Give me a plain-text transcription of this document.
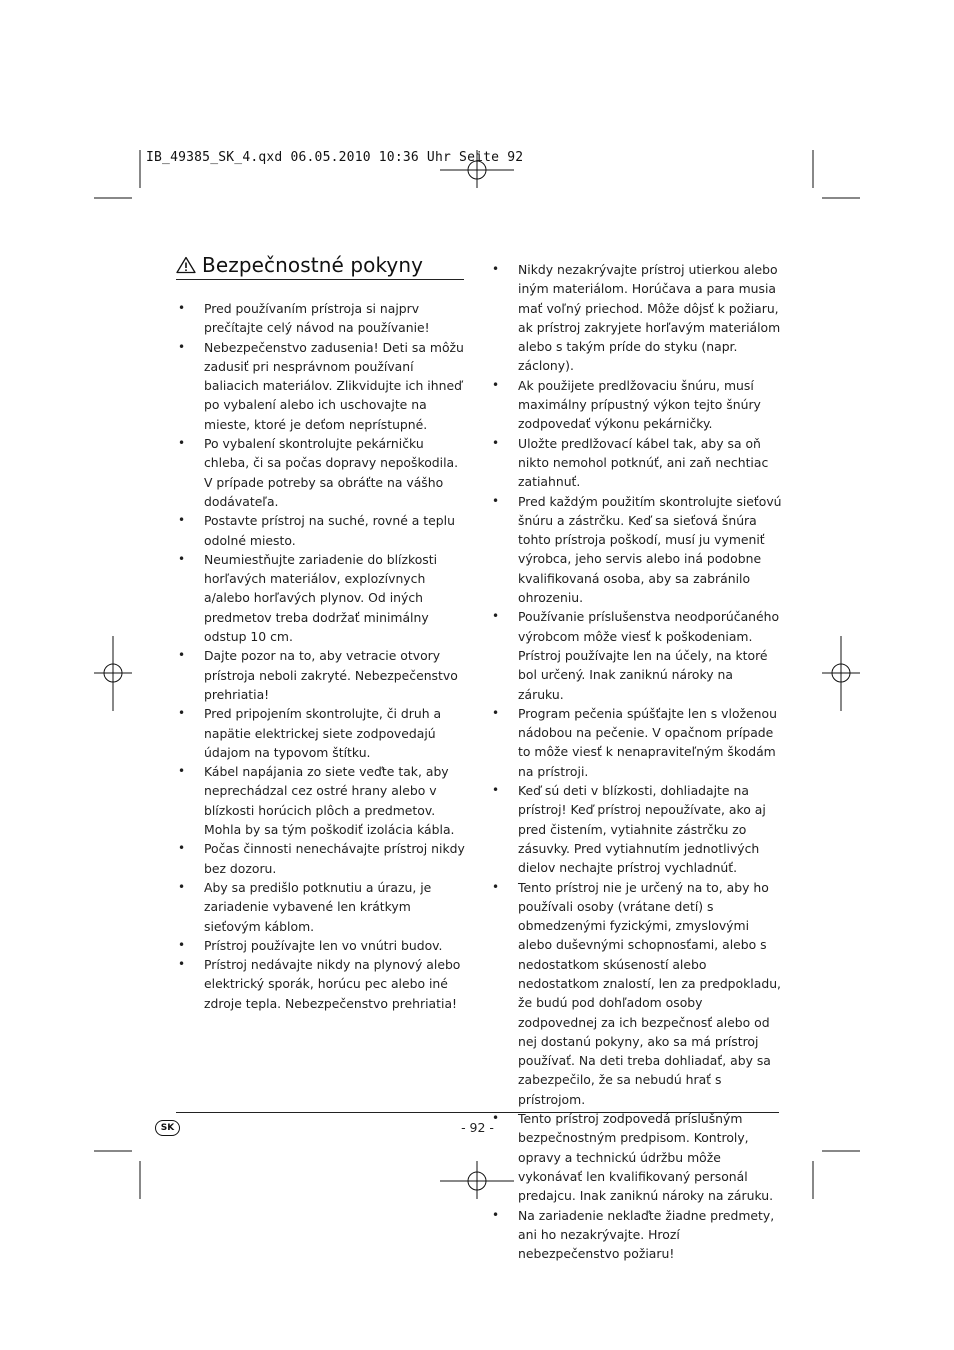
IB_49385_SK_4.qxd 06.05.2010 10:36 Uhr Seite 92
Bezpečnostné pokyny
• Pred používaním prístroja si najprv prečítajte celý návod na používanie!
• Nebezpečenstvo zadusenia! Deti sa môžu zadusiť pri nesprávnom používaní baliacich materiálov. Zlikvidujte ich ihneď po vybalení alebo ich uschovajte na mieste, ktoré je deťom neprístupné.
• Po vybalení skontrolujte pekárničku chleba, či sa počas dopravy nepoškodila. V prípade potreby sa obráťte na vášho dodávateľa.
• Postavte prístroj na suché, rovné a teplu odolné miesto.
• Neumiestňujte zariadenie do blízkosti horľavých materiálov, explozívnych a/alebo horľavých plynov. Od iných predmetov treba dodržať minimálny odstup 10 cm.
• Dajte pozor na to, aby vetracie otvory prístroja neboli zakryté. Nebezpečenstvo prehriatia!
• Pred pripojením skontrolujte, či druh a napätie elektrickej siete zodpovedajú údajom na typovom štítku.
• Kábel napájania zo siete veďte tak, aby neprechádzal cez ostré hrany alebo v blízkosti horúcich plôch a predmetov. Mohla by sa tým poškodiť izolácia kábla.
• Počas činnosti nenechávajte prístroj nikdy bez dozoru.
• Aby sa predišlo potknutiu a úrazu, je zariadenie vybavené len krátkym sieťovým káblom.
• Prístroj používajte len vo vnútri budov.
• Prístroj nedávajte nikdy na plynový alebo elektrický sporák, horúcu pec alebo iné zdroje tepla. Nebezpečenstvo prehriatia!
• Nikdy nezakrývajte prístroj utierkou alebo iným materiálom. Horúčava a para musia mať voľný priechod. Môže dôjsť k požiaru, ak prístroj zakryjete horľavým materiálom alebo s takým príde do styku (napr. záclony).
• Ak použijete predlžovaciu šnúru, musí maximálny prípustný výkon tejto šnúry zodpovedať výkonu pekárničky.
• Uložte predlžovací kábel tak, aby sa oň nikto nemohol potknúť, ani zaň nechtiac zatiahnuť.
• Pred každým použitím skontrolujte sieťovú šnúru a zástrčku. Keď sa sieťová šnúra tohto prístroja poškodí, musí ju vymeniť výrobca, jeho servis alebo iná podobne kvalifikovaná osoba, aby sa zabránilo ohrozeniu.
• Používanie príslušenstva neodporúčaného výrobcom môže viesť k poškodeniam. Prístroj používajte len na účely, na ktoré bol určený. Inak zaniknú nároky na záruku.
• Program pečenia spúšťajte len s vloženou nádobou na pečenie. V opačnom prípade to môže viesť k nenapraviteľným škodám na prístroji.
• Keď sú deti v blízkosti, dohliadajte na prístroj! Keď prístroj nepoužívate, ako aj pred čistením, vytiahnite zástrčku zo zásuvky. Pred vytiahnutím jednotlivých dielov nechajte prístroj vychladnúť.
• Tento prístroj nie je určený na to, aby ho používali osoby (vrátane detí) s obmedzenými fyzickými, zmyslovými alebo duševnými schopnosťami, alebo s nedostatkom skúseností alebo nedostatkom znalostí, len za predpokladu, že budú pod dohľadom osoby zodpovednej za ich bezpečnosť alebo od nej dostanú pokyny, ako sa má prístroj používať. Na deti treba dohliadať, aby sa zabezpečilo, že sa nebudú hrať s prístrojom.
• Tento prístroj zodpovedá príslušným bezpečnostným predpisom. Kontroly, opravy a technickú údržbu môže vykonávať len kvalifikovaný personál predajcu. Inak zaniknú nároky na záruku.
• Na zariadenie neklaďte žiadne predmety, ani ho nezakrývajte. Hrozí nebezpečenstvo požiaru!
SK	- 92 -
